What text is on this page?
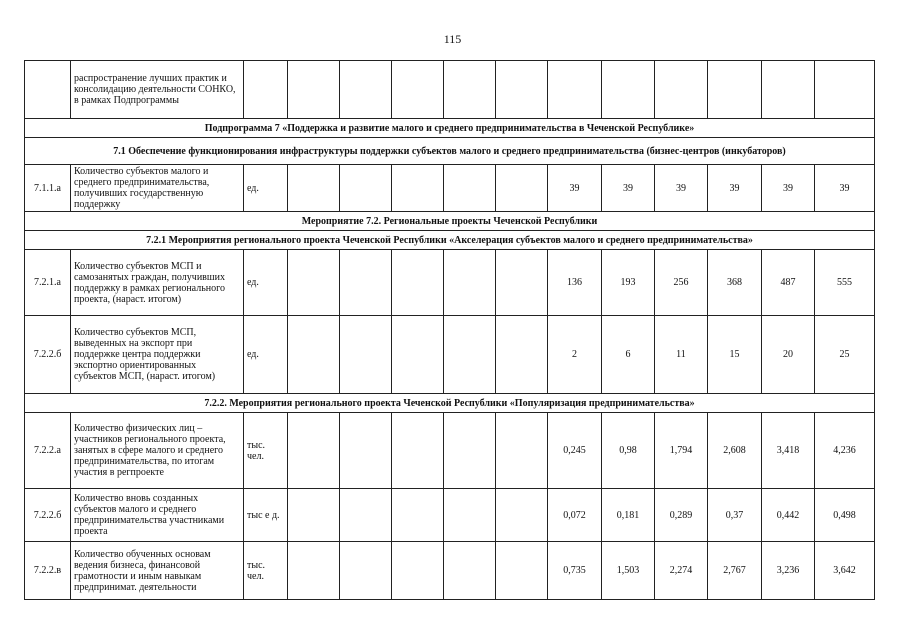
115
	распространение лучших практик и консолидацию деятельности СОНКО, в рамках Подпрограммы												
Подпрограмма 7 «Поддержка и развитие малого и среднего предпринимательства в Чеченской Республике»													
7.1 Обеспечение функционирования инфраструктуры поддержки субъектов малого и среднего предпринимательства (бизнес-центров (инкубаторов)													
7.1.1.а	Количество субъектов малого и среднего предпринимательства, получивших государственную поддержку	ед.						39	39	39	39	39	39
Мероприятие 7.2. Региональные проекты Чеченской Республики													
7.2.1 Мероприятия регионального проекта Чеченской Республики «Акселерация субъектов малого и среднего предпринимательства»													
7.2.1.а	Количество субъектов МСП и самозанятых граждан, получивших поддержку в рамках регионального проекта, (нараст. итогом)	ед.						136	193	256	368	487	555
7.2.2.б	Количество субъектов МСП, выведенных на экспорт при поддержке центра поддержки экспортно ориентированных субъектов МСП, (нараст. итогом)	ед.						2	6	11	15	20	25
7.2.2. Мероприятия регионального проекта Чеченской Республики «Популяризация предпринимательства»													
7.2.2.а	Количество физических лиц – участников регионального проекта, занятых в сфере малого и среднего предпринимательства, по итогам участия в регпроекте	тыс. чел.						0,245	0,98	1,794	2,608	3,418	4,236
7.2.2.б	Количество вновь созданных субъектов малого и среднего предпринимательства участниками проекта	тыс е д.						0,072	0,181	0,289	0,37	0,442	0,498
7.2.2.в	Количество обученных основам ведения бизнеса, финансовой грамотности и иным навыкам предпринимат. деятельности	тыс. чел.						0,735	1,503	2,274	2,767	3,236	3,642
